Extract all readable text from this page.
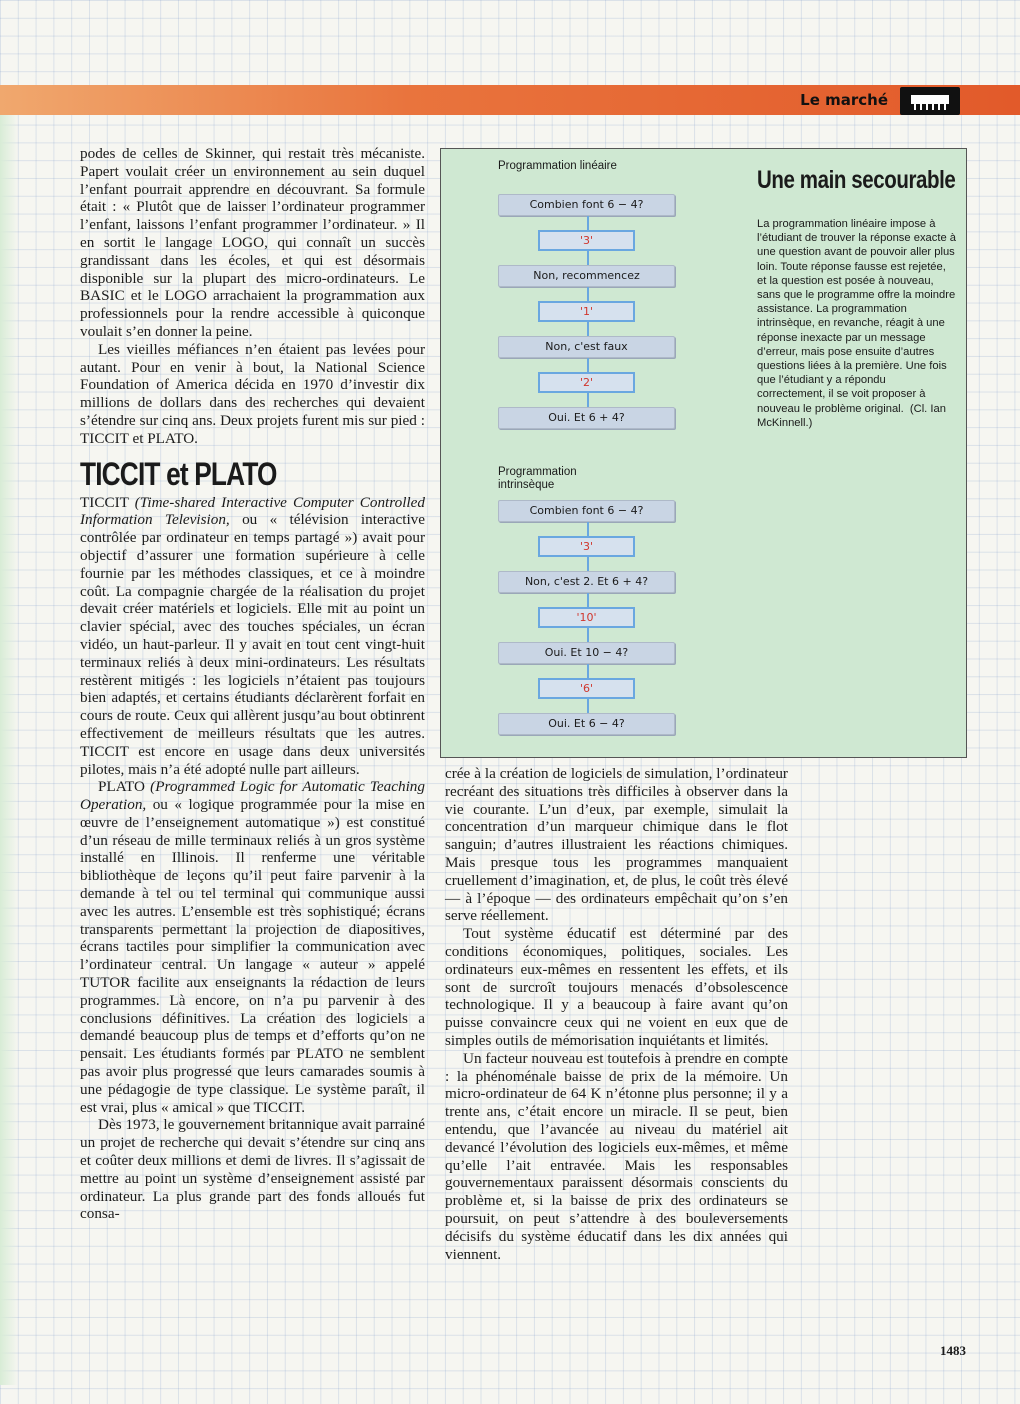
Le marché

podes de celles de Skinner, qui restait très mécaniste. Papert voulait créer un environnement au sein duquel l’enfant pourrait apprendre en découvrant. Sa formule était : « Plutôt que de laisser l’ordinateur programmer l’enfant, laissons l’enfant programmer l’ordinateur. » Il en sortit le langage LOGO, qui connaît un succès grandissant dans les écoles, et qui est désormais disponible sur la plupart des micro-ordinateurs. Le BASIC et le LOGO arrachaient la programmation aux professionnels pour la rendre accessible à quiconque voulait s’en donner la peine.

Les vieilles méfiances n’en étaient pas levées pour autant. Pour en venir à bout, la National Science Foundation of America décida en 1970 d’investir dix millions de dollars dans des recherches qui devaient s’étendre sur cinq ans. Deux projets furent mis sur pied : TICCIT et PLATO.

TICCIT et PLATO

TICCIT (Time-shared Interactive Computer Controlled Information Television, ou « télévision interactive contrôlée par ordinateur en temps partagé ») avait pour objectif d’assurer une formation supérieure à celle fournie par les méthodes classiques, et ce à moindre coût. La compagnie chargée de la réalisation du projet devait créer matériels et logiciels. Elle mit au point un clavier spécial, avec des touches spéciales, un écran vidéo, un haut-parleur. Il y avait en tout cent vingt-huit terminaux reliés à deux mini-ordinateurs. Les résultats restèrent mitigés : les logiciels n’étaient pas toujours bien adaptés, et certains étudiants déclarèrent forfait en cours de route. Ceux qui allèrent jusqu’au bout obtinrent effectivement de meilleurs résultats que les autres. TICCIT est encore en usage dans deux universités pilotes, mais n’a été adopté nulle part ailleurs.

PLATO (Programmed Logic for Automatic Teaching Operation, ou « logique programmée pour la mise en œuvre de l’enseignement automatique ») est constitué d’un réseau de mille terminaux reliés à un gros système installé en Illinois. Il renferme une véritable bibliothèque de leçons qu’il peut faire parvenir à la demande à tel ou tel terminal qui communique aussi avec les autres. L’ensemble est très sophistiqué; écrans transparents permettant la projection de diapositives, écrans tactiles pour simplifier la communication avec l’ordinateur central. Un langage « auteur » appelé TUTOR facilite aux enseignants la rédaction de leurs programmes. Là encore, on n’a pu parvenir à des conclusions définitives. La création des logiciels a demandé beaucoup plus de temps et d’efforts qu’on ne pensait. Les étudiants formés par PLATO ne semblent pas avoir plus progressé que leurs camarades soumis à une pédagogie de type classique. Le système paraît, il est vrai, plus « amical » que TICCIT.

Dès 1973, le gouvernement britannique avait parrainé un projet de recherche qui devait s’étendre sur cinq ans et coûter deux millions et demi de livres. Il s’agissait de mettre au point un système d’enseignement assisté par ordinateur. La plus grande part des fonds alloués fut consa-

Programmation linéaire
Programmation intrinsèque
Combien font 6 − 4?
'3'
Non, recommencez
'1'
Non, c'est faux
'2'
Oui. Et 6 + 4?
Combien font 6 − 4?
'3'
Non, c'est 2. Et 6 + 4?
'10'
Oui. Et 10 − 4?
'6'
Oui. Et 6 − 4?
Une main secourable
La programmation linéaire impose à l’étudiant de trouver la réponse exacte à une question avant de pouvoir aller plus loin. Toute réponse fausse est rejetée, et la question est posée à nouveau, sans que le programme offre la moindre assistance. La programmation intrinsèque, en revanche, réagit à une réponse inexacte par un message d’erreur, mais pose ensuite d’autres questions liées à la première. Une fois que l’étudiant y a répondu correctement, il se voit proposer à nouveau le problème original. (Cl. Ian McKinnell.)

crée à la création de logiciels de simulation, l’ordinateur recréant des situations très difficiles à observer dans la vie courante. L’un d’eux, par exemple, simulait la concentration d’un marqueur chimique dans le flot sanguin; d’autres illustraient les réactions chimiques. Mais presque tous les programmes manquaient cruellement d’imagination, et, de plus, le coût très élevé — à l’époque — des ordinateurs empêchait qu’on s’en serve réellement.

Tout système éducatif est déterminé par des conditions économiques, politiques, sociales. Les ordinateurs eux-mêmes en ressentent les effets, et ils sont de surcroît toujours menacés d’obsolescence technologique. Il y a beaucoup à faire avant qu’on puisse convaincre ceux qui ne voient en eux que de simples outils de mémorisation inquiétants et limités.

Un facteur nouveau est toutefois à prendre en compte : la phénoménale baisse de prix de la mémoire. Un micro-ordinateur de 64 K n’étonne plus personne; il y a trente ans, c’était encore un miracle. Il se peut, bien entendu, que l’avancée au niveau du matériel ait devancé l’évolution des logiciels eux-mêmes, et même qu’elle l’ait entravée. Mais les responsables gouvernementaux paraissent désormais conscients du problème et, si la baisse de prix des ordinateurs se poursuit, on peut s’attendre à des bouleversements décisifs du système éducatif dans les dix années qui viennent.

1483
